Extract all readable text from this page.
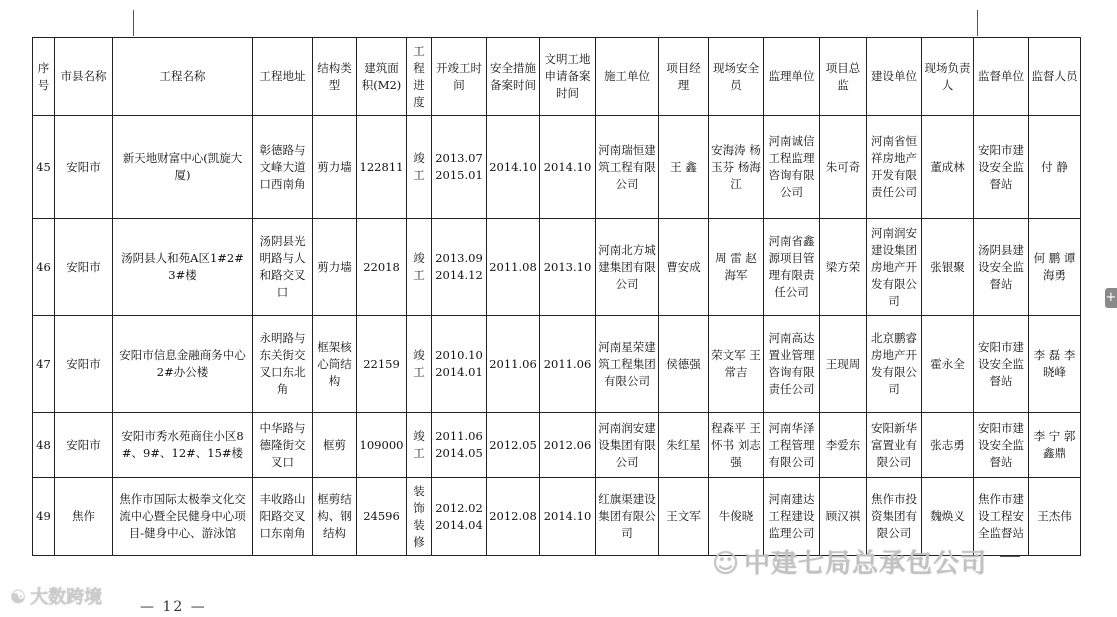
序号	市县名称	工程名称	工程地址	结构类型	建筑面积(M2)	工程进度	开竣工时间	安全措施备案时间	文明工地申请备案时间	施工单位	项目经理	现场安全员	监理单位	项目总监	建设单位	现场负责人	监督单位	监督人员
45	安阳市	新天地财富中心(凯旋大厦)	彰德路与文峰大道口西南角	剪力墙	122811	竣工	2013.07 2015.01	2014.10	2014.10	河南瑞恒建筑工程有限公司	王 鑫	安海涛 杨玉芬 杨海江	河南诚信工程监理咨询有限公司	朱可奇	河南省恒祥房地产开发有限责任公司	董成林	安阳市建设安全监督站	付 静
46	安阳市	汤阴县人和苑A区1#2#3#楼	汤阴县光明路与人和路交叉口	剪力墙	22018	竣工	2013.09 2014.12	2011.08	2013.10	河南北方城建集团有限公司	曹安成	周 雷 赵海军	河南省鑫源项目管理有限责任公司	梁方荣	河南润安建设集团房地产开发有限公司	张银聚	汤阴县建设安全监督站	何 鹏 谭海勇
47	安阳市	安阳市信息金融商务中心2#办公楼	永明路与东关街交叉口东北角	框架核心筒结构	22159	竣工	2010.10 2014.01	2011.06	2011.06	河南星荣建筑工程集团有限公司	侯德强	荣文军 王常吉	河南高达置业管理咨询有限责任公司	王现周	北京鹏睿房地产开发有限公司	霍永全	安阳市建设安全监督站	李 磊 李晓峰
48	安阳市	安阳市秀水苑商住小区8#、9#、12#、15#楼	中华路与德隆街交叉口	框剪	109000	竣工	2011.06 2014.05	2012.05	2012.06	河南润安建设集团有限公司	朱红星	程森平 王怀书 刘志强	河南华泽工程管理有限公司	李爱东	安阳新华富置业有限公司	张志勇	安阳市建设安全监督站	李 宁 郭鑫鼎
49	焦作	焦作市国际太极拳文化交流中心暨全民健身中心项目-健身中心、游泳馆	丰收路山阳路交叉口东南角	框剪结构、钢结构	24596	装饰装修	2012.02 2014.04	2012.08	2014.10	红旗渠建设集团有限公司	王文军	牛俊晓	河南建达工程建设监理公司	顾汉祺	焦作市投资集团有限公司	魏焕义	焦作市建设工程安全监督站	王杰伟
+
☯ 大数跨境	— 12 —
☺ 中建七局总承包公司
